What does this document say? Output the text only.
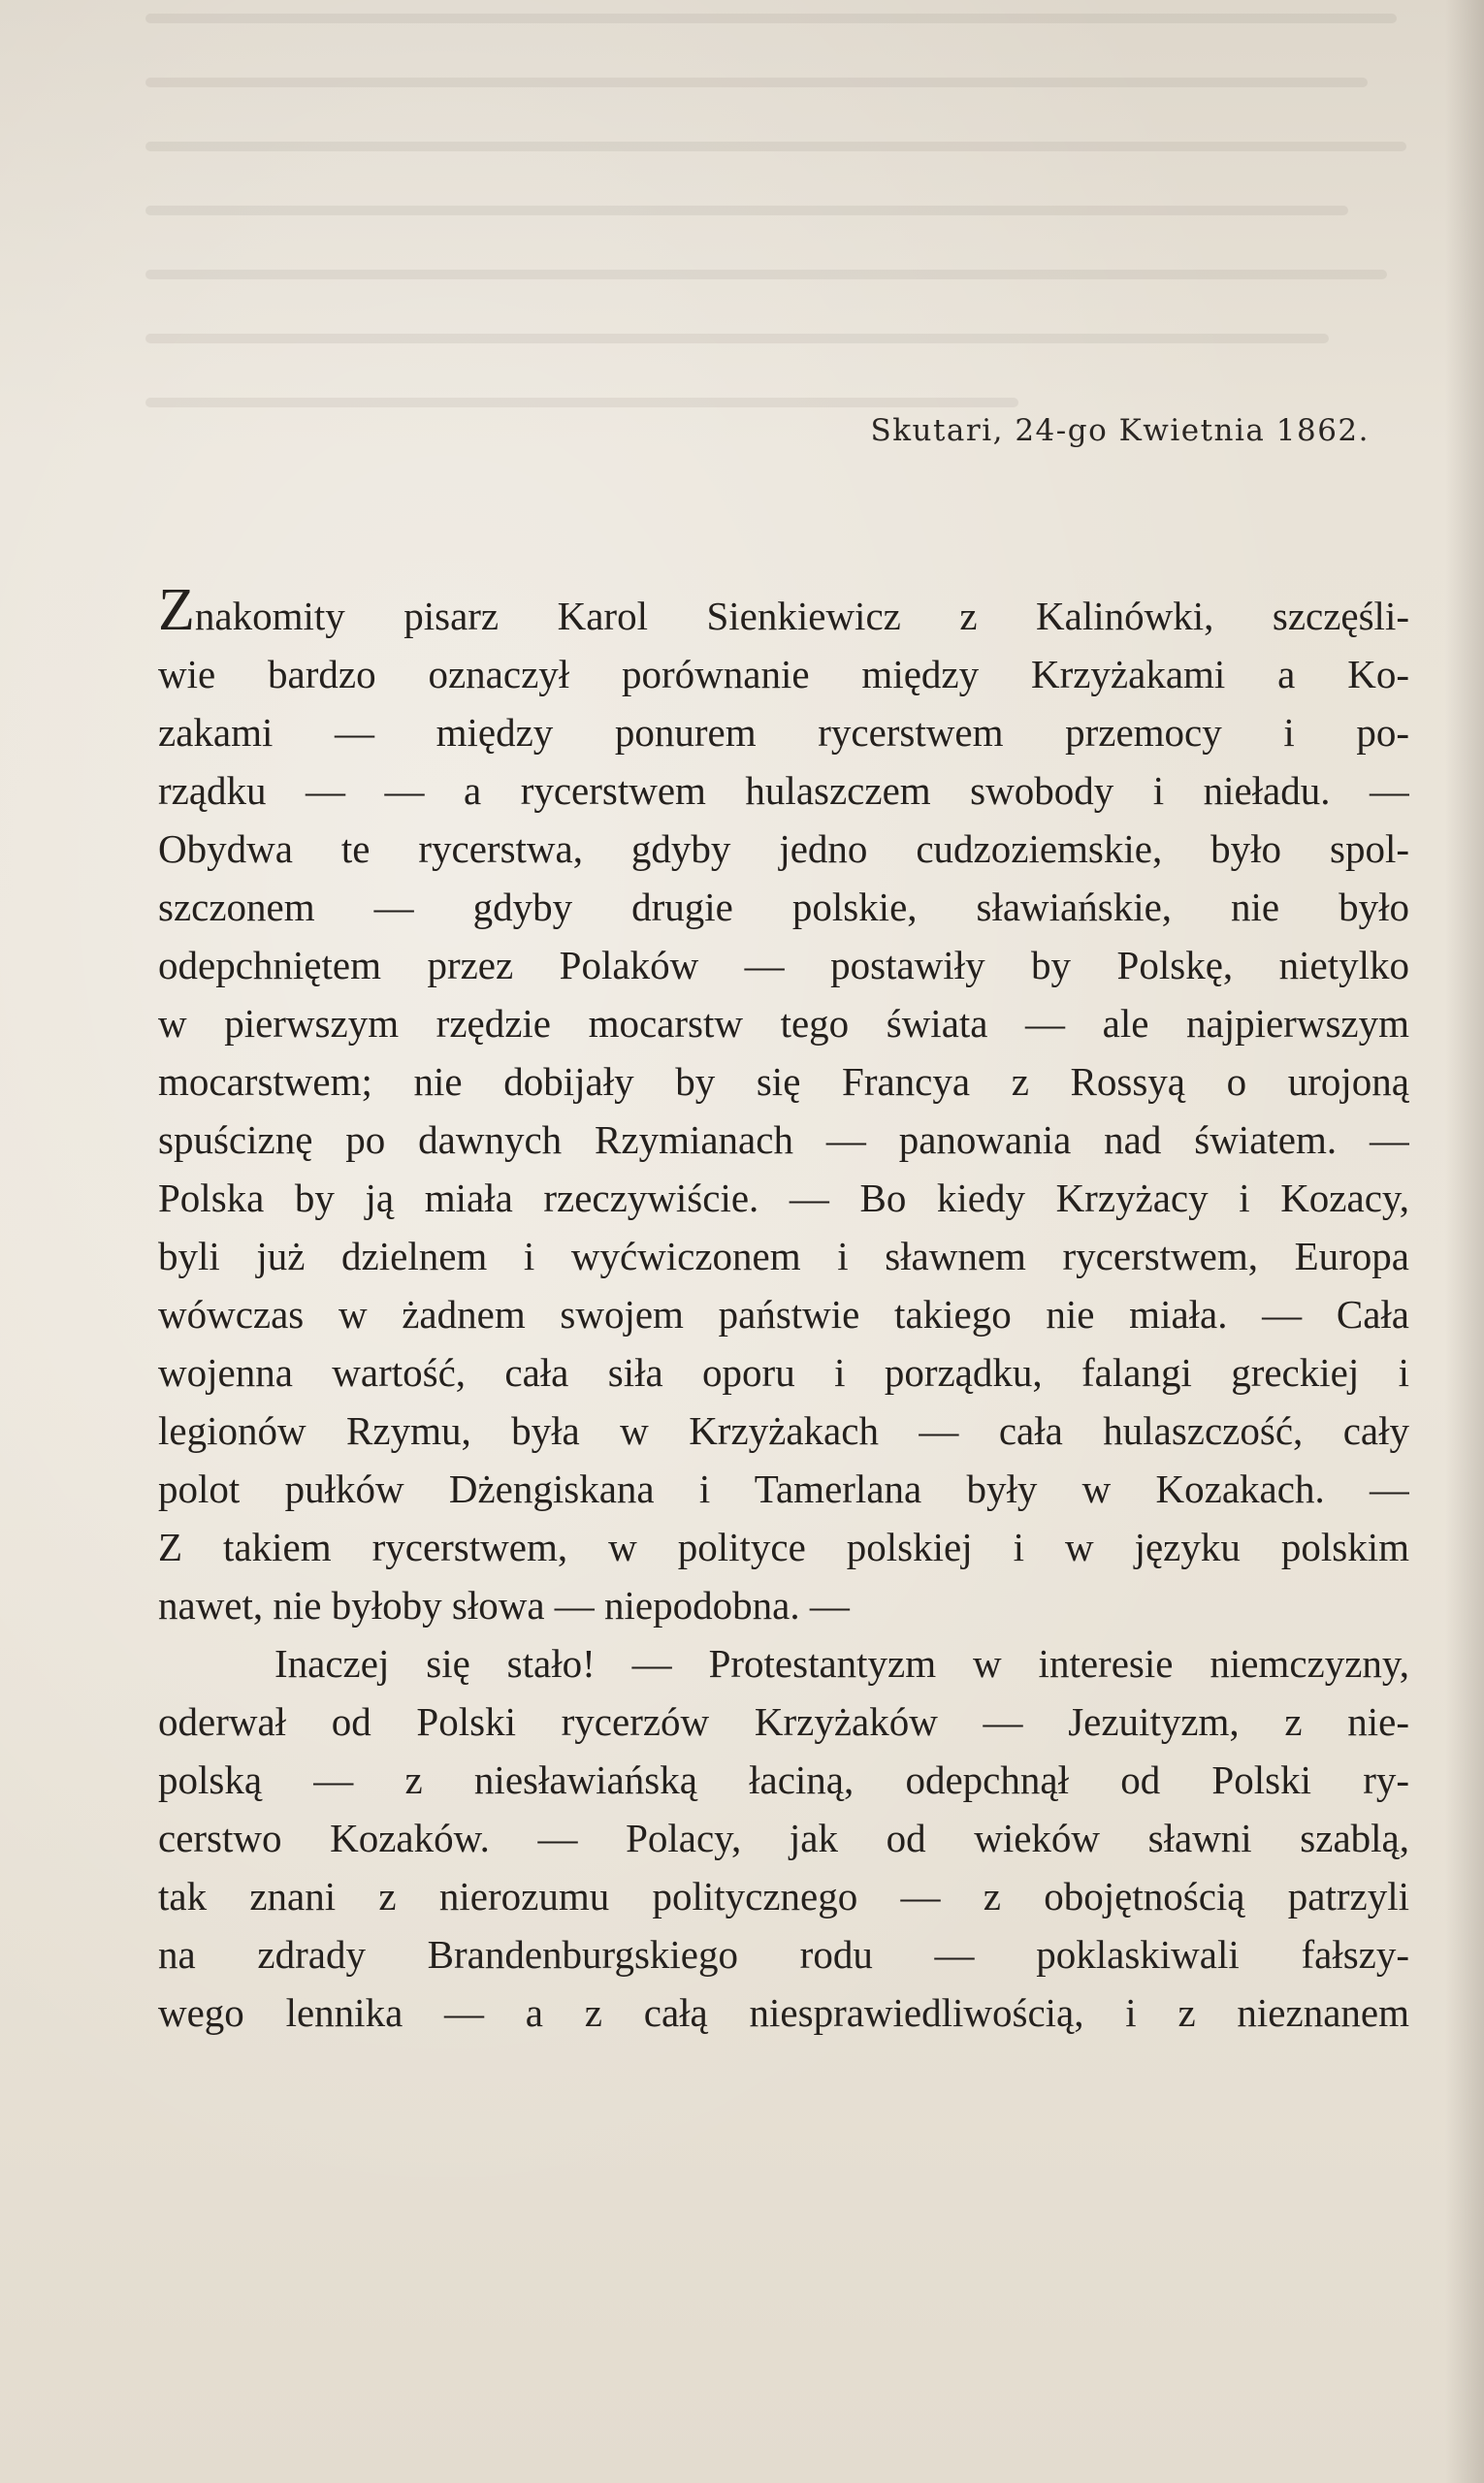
Skutari, 24-go Kwietnia 1862.
Znakomity pisarz Karol Sienkiewicz z Kalinówki, szczęśli-
wie bardzo oznaczył porównanie między Krzyżakami a Ko-
zakami — między ponurem rycerstwem przemocy i po-
rządku — — a rycerstwem hulaszczem swobody i nieładu. —
Obydwa te rycerstwa, gdyby jedno cudzoziemskie, było spol-
szczonem — gdyby drugie polskie, sławiańskie, nie było
odepchniętem przez Polaków — postawiły by Polskę, nietylko
w pierwszym rzędzie mocarstw tego świata — ale najpierwszym
mocarstwem; nie dobijały by się Francya z Rossyą o urojoną
spuściznę po dawnych Rzymianach — panowania nad światem. —
Polska by ją miała rzeczywiście. — Bo kiedy Krzyżacy i Kozacy,
byli już dzielnem i wyćwiczonem i sławnem rycerstwem, Europa
wówczas w żadnem swojem państwie takiego nie miała. — Cała
wojenna wartość, cała siła oporu i porządku, falangi greckiej i
legionów Rzymu, była w Krzyżakach — cała hulaszczość, cały
polot pułków Dżengiskana i Tamerlana były w Kozakach. —
Z takiem rycerstwem, w polityce polskiej i w języku polskim
nawet, nie byłoby słowa — niepodobna. —
Inaczej się stało! — Protestantyzm w interesie niemczyzny,
oderwał od Polski rycerzów Krzyżaków — Jezuityzm, z nie-
polską — z niesławiańską łaciną, odepchnął od Polski ry-
cerstwo Kozaków. — Polacy, jak od wieków sławni szablą,
tak znani z nierozumu politycznego — z obojętnością patrzyli
na zdrady Brandenburgskiego rodu — poklaskiwali fałszy-
wego lennika — a z całą niesprawiedliwością, i z nieznanem
